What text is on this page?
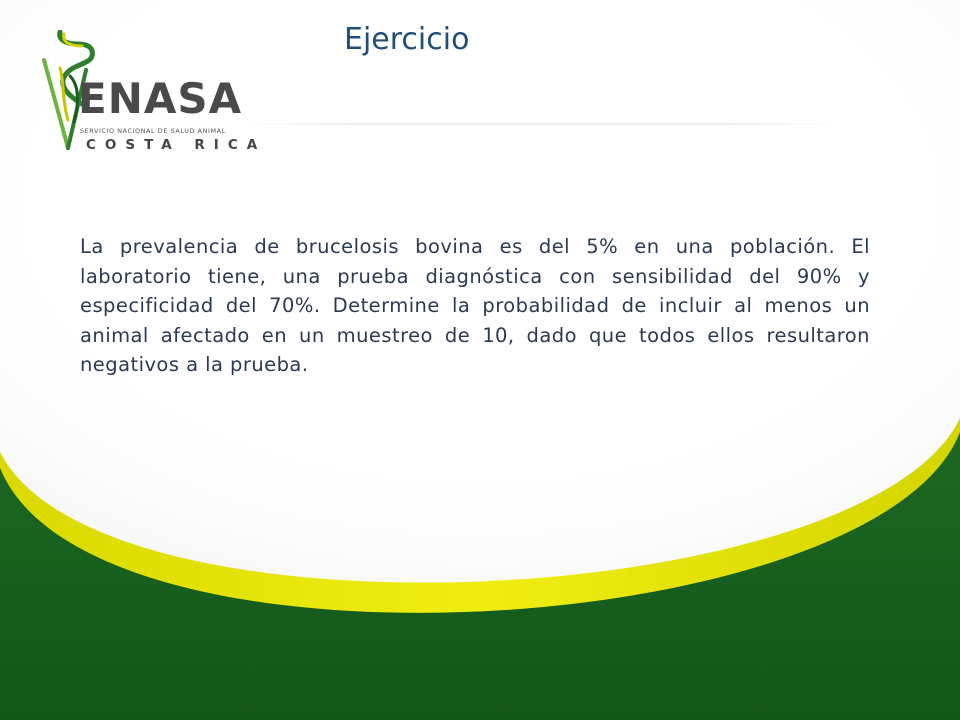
ENASA
SERVICIO NACIONAL DE SALUD ANIMAL
COSTA RICA
Ejercicio

La prevalencia de brucelosis bovina es del 5% en una población. El laboratorio tiene, una prueba diagnóstica con sensibilidad del 90% y especificidad del 70%. Determine la probabilidad de incluir al menos un animal afectado en un muestreo de 10, dado que todos ellos resultaron negativos a la prueba.
